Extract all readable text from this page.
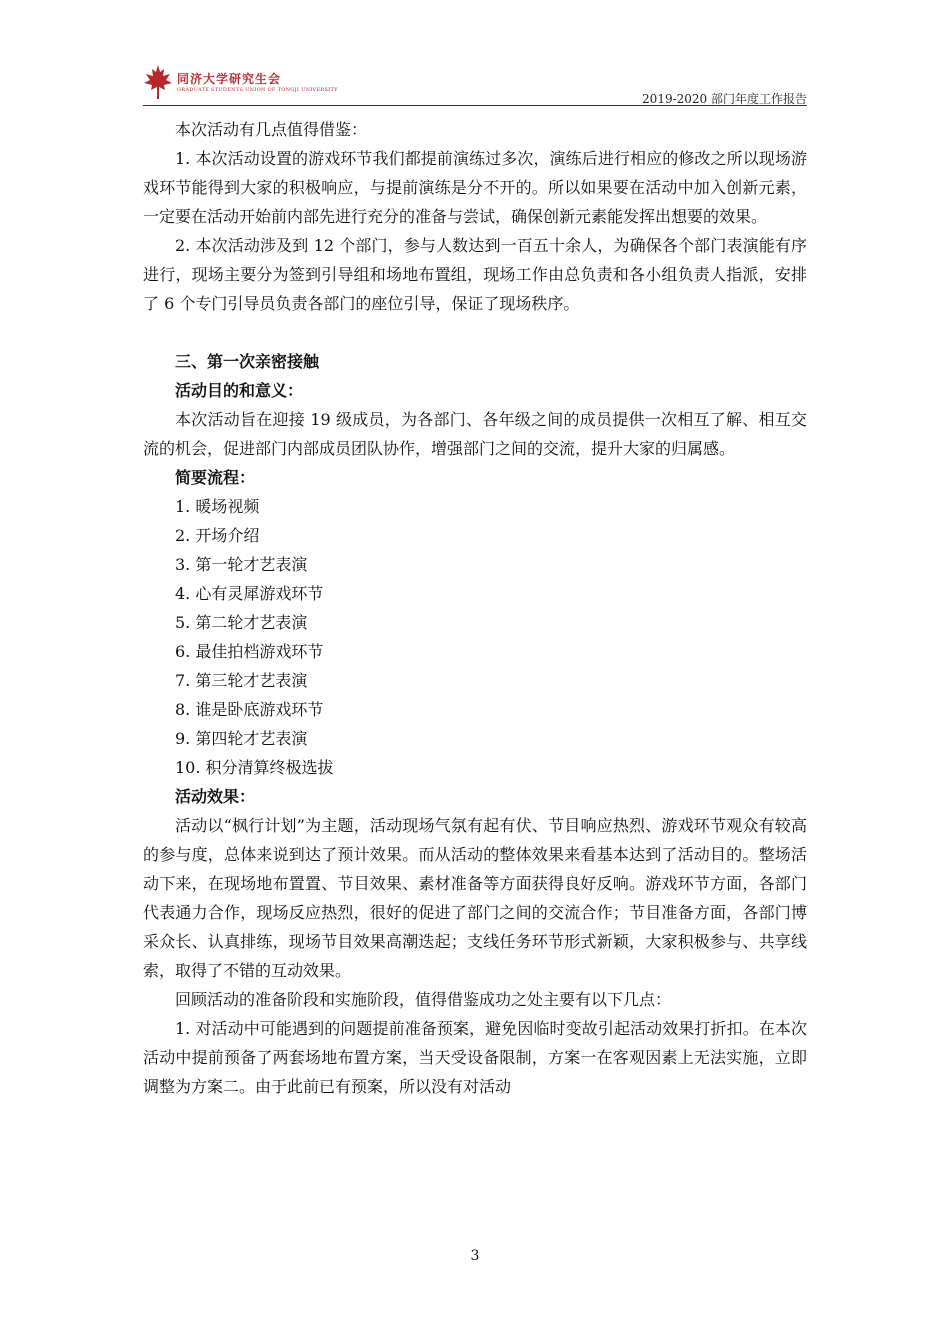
同济大学研究生会
GRADUATE STUDENTS UNION OF TONGJI UNIVERSITY
2019-2020 部门年度工作报告

本次活动有几点值得借鉴：

1. 本次活动设置的游戏环节我们都提前演练过多次，演练后进行相应的修改之所以现场游戏环节能得到大家的积极响应，与提前演练是分不开的。所以如果要在活动中加入创新元素，一定要在活动开始前内部先进行充分的准备与尝试，确保创新元素能发挥出想要的效果。

2. 本次活动涉及到 12 个部门，参与人数达到一百五十余人，为确保各个部门表演能有序进行，现场主要分为签到引导组和场地布置组，现场工作由总负责和各小组负责人指派，安排了 6 个专门引导员负责各部门的座位引导，保证了现场秩序。

三、第一次亲密接触

活动目的和意义：

本次活动旨在迎接 19 级成员，为各部门、各年级之间的成员提供一次相互了解、相互交流的机会，促进部门内部成员团队协作，增强部门之间的交流，提升大家的归属感。

简要流程：

1. 暖场视频

2. 开场介绍

3. 第一轮才艺表演

4. 心有灵犀游戏环节

5. 第二轮才艺表演

6. 最佳拍档游戏环节

7. 第三轮才艺表演

8. 谁是卧底游戏环节

9. 第四轮才艺表演

10. 积分清算终极选拔

活动效果：

活动以“枫行计划”为主题，活动现场气氛有起有伏、节目响应热烈、游戏环节观众有较高的参与度，总体来说到达了预计效果。而从活动的整体效果来看基本达到了活动目的。整场活动下来，在现场地布置置、节目效果、素材准备等方面获得良好反响。游戏环节方面，各部门代表通力合作，现场反应热烈，很好的促进了部门之间的交流合作；节目准备方面，各部门博采众长、认真排练，现场节目效果高潮迭起；支线任务环节形式新颖，大家积极参与、共享线索，取得了不错的互动效果。

回顾活动的准备阶段和实施阶段，值得借鉴成功之处主要有以下几点：

1. 对活动中可能遇到的问题提前准备预案，避免因临时变故引起活动效果打折扣。在本次活动中提前预备了两套场地布置方案，当天受设备限制，方案一在客观因素上无法实施，立即调整为方案二。由于此前已有预案，所以没有对活动

3
